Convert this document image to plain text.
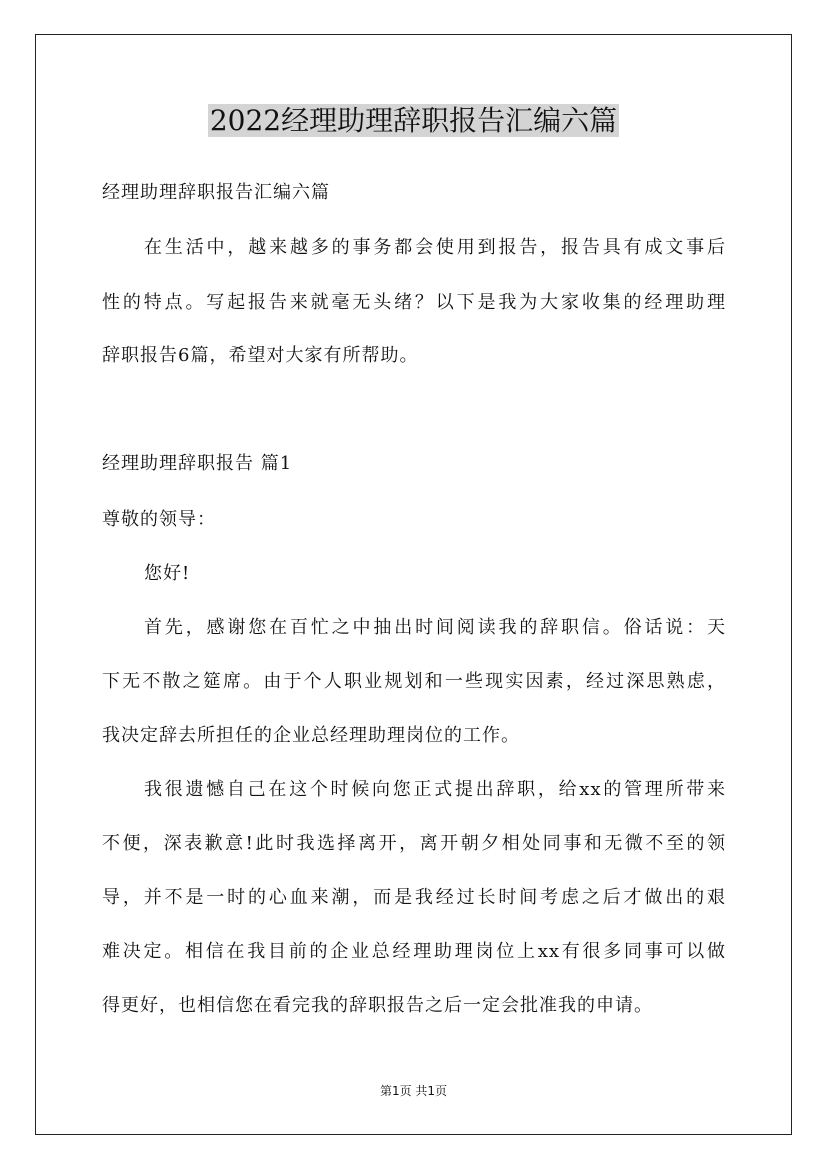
2022经理助理辞职报告汇编六篇
经理助理辞职报告汇编六篇
在生活中，越来越多的事务都会使用到报告，报告具有成文事后
性的特点。写起报告来就毫无头绪？以下是我为大家收集的经理助理
辞职报告6篇，希望对大家有所帮助。
经理助理辞职报告 篇1
尊敬的领导：
您好!
首先，感谢您在百忙之中抽出时间阅读我的辞职信。俗话说：天
下无不散之筵席。由于个人职业规划和一些现实因素，经过深思熟虑，
我决定辞去所担任的企业总经理助理岗位的工作。
我很遗憾自己在这个时候向您正式提出辞职，给xx的管理所带来
不便，深表歉意!此时我选择离开，离开朝夕相处同事和无微不至的领
导，并不是一时的心血来潮，而是我经过长时间考虑之后才做出的艰
难决定。相信在我目前的企业总经理助理岗位上xx有很多同事可以做
得更好，也相信您在看完我的辞职报告之后一定会批准我的申请。
第1页 共1页
